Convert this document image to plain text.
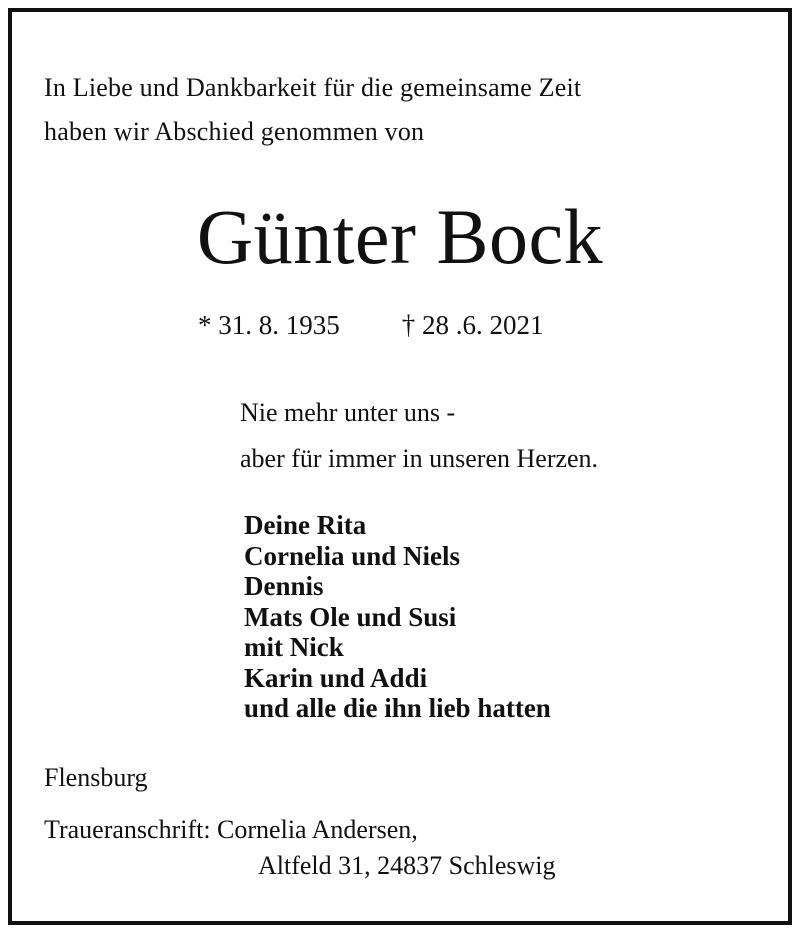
In Liebe und Dankbarkeit für die gemeinsame Zeit
haben wir Abschied genommen von
Günter Bock
* 31. 8. 1935 † 28 .6. 2021
Nie mehr unter uns -
aber für immer in unseren Herzen.
Deine Rita
Cornelia und Niels
Dennis
Mats Ole und Susi
mit Nick
Karin und Addi
und alle die ihn lieb hatten
Flensburg
Traueranschrift: Cornelia Andersen,
Altfeld 31, 24837 Schleswig
